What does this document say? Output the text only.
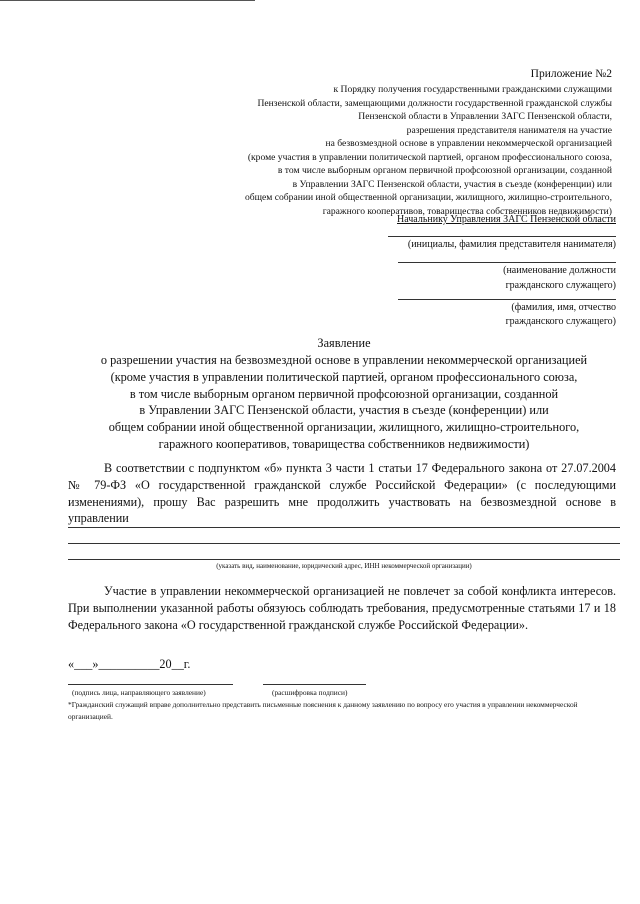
Приложение №2
к Порядку получения государственными гражданскими служащими
Пензенской области, замещающими должности государственной гражданской службы
Пензенской области в Управлении ЗАГС Пензенской области,
разрешения представителя нанимателя на участие
на безвозмездной основе в управлении некоммерческой организацией
(кроме участия в управлении политической партией, органом профессионального союза,
в том числе выборным органом первичной профсоюзной организации, созданной
в Управлении ЗАГС Пензенской области, участия в съезде (конференции) или
общем собрании иной общественной организации, жилищного, жилищно-строительного,
гаражного кооперативов, товарищества собственников недвижимости)
Начальнику Управления ЗАГС Пензенской области
(инициалы, фамилия представителя нанимателя)
(наименование должности
гражданского служащего)
(фамилия, имя, отчество
гражданского служащего)
Заявление
о разрешении участия на безвозмездной основе в управлении некоммерческой организацией
(кроме участия в управлении политической партией, органом профессионального союза,
в том числе выборным органом первичной профсоюзной организации, созданной
в Управлении ЗАГС Пензенской области, участия в съезде (конференции) или
общем собрании иной общественной организации, жилищного, жилищно-строительного,
гаражного кооперативов, товарищества собственников недвижимости)
В соответствии с подпунктом «б» пункта 3 части 1 статьи 17 Федерального закона от 27.07.2004 № 79-ФЗ «О государственной гражданской службе Российской Федерации» (с последующими изменениями), прошу Вас разрешить мне продолжить участвовать на безвозмездной основе в управлении
(указать вид, наименование, юридический адрес, ИНН некоммерческой организации)
Участие в управлении некоммерческой организацией не повлечет за собой конфликта интересов. При выполнении указанной работы обязуюсь соблюдать требования, предусмотренные статьями 17 и 18 Федерального закона «О государственной гражданской службе Российской Федерации».
«___»__________20__г.
(подпись лица, направляющего заявление)	(расшифровка подписи)
*Гражданский служащий вправе дополнительно представить письменные пояснения к данному заявлению по вопросу его участия в управлении некоммерческой организацией.
